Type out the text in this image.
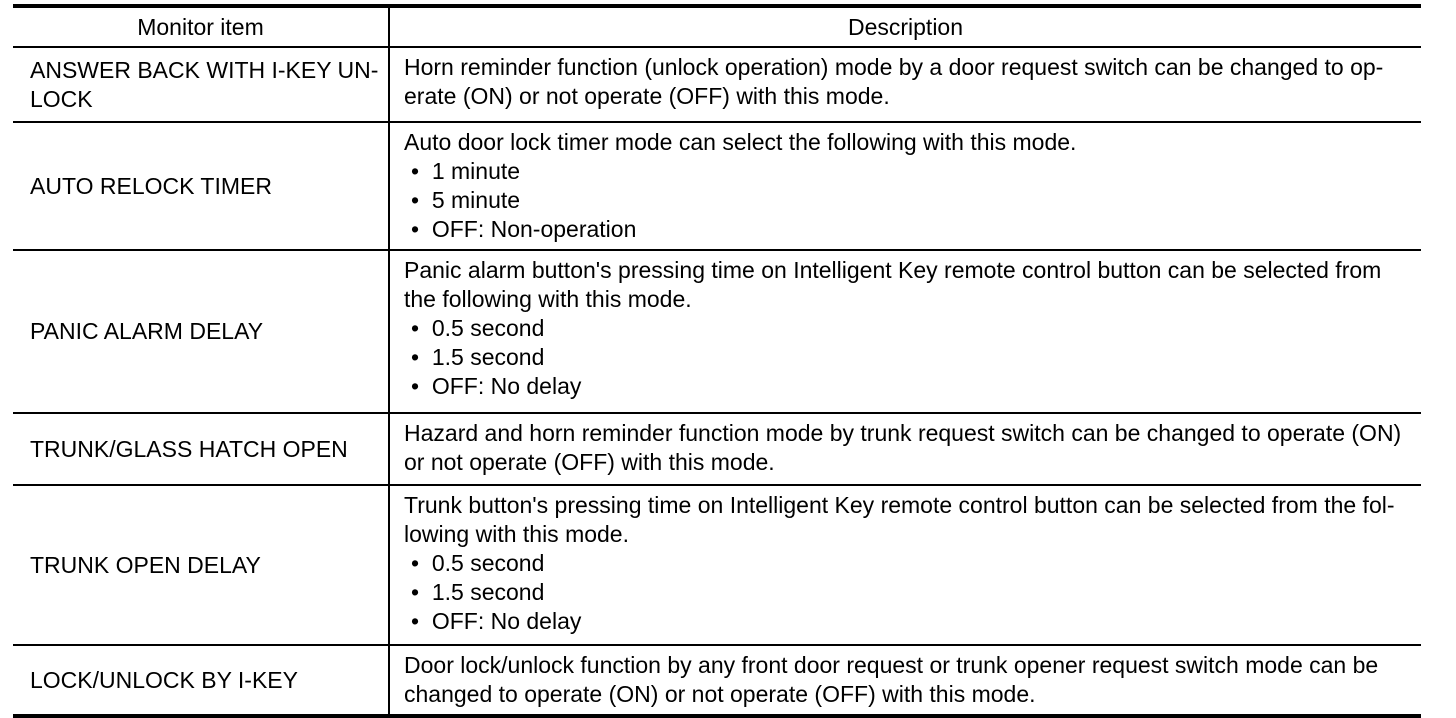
Monitor item	Description
ANSWER BACK WITH I-KEY UN-
LOCK
Horn reminder function (unlock operation) mode by a door request switch can be changed to op-
erate (ON) or not operate (OFF) with this mode.
AUTO RELOCK TIMER
Auto door lock timer mode can select the following with this mode.
•  1 minute
•  5 minute
•  OFF: Non-operation
PANIC ALARM DELAY
Panic alarm button's pressing time on Intelligent Key remote control button can be selected from
the following with this mode.
•  0.5 second
•  1.5 second
•  OFF: No delay
TRUNK/GLASS HATCH OPEN
Hazard and horn reminder function mode by trunk request switch can be changed to operate (ON)
or not operate (OFF) with this mode.
TRUNK OPEN DELAY
Trunk button's pressing time on Intelligent Key remote control button can be selected from the fol-
lowing with this mode.
•  0.5 second
•  1.5 second
•  OFF: No delay
LOCK/UNLOCK BY I-KEY
Door lock/unlock function by any front door request or trunk opener request switch mode can be
changed to operate (ON) or not operate (OFF) with this mode.
